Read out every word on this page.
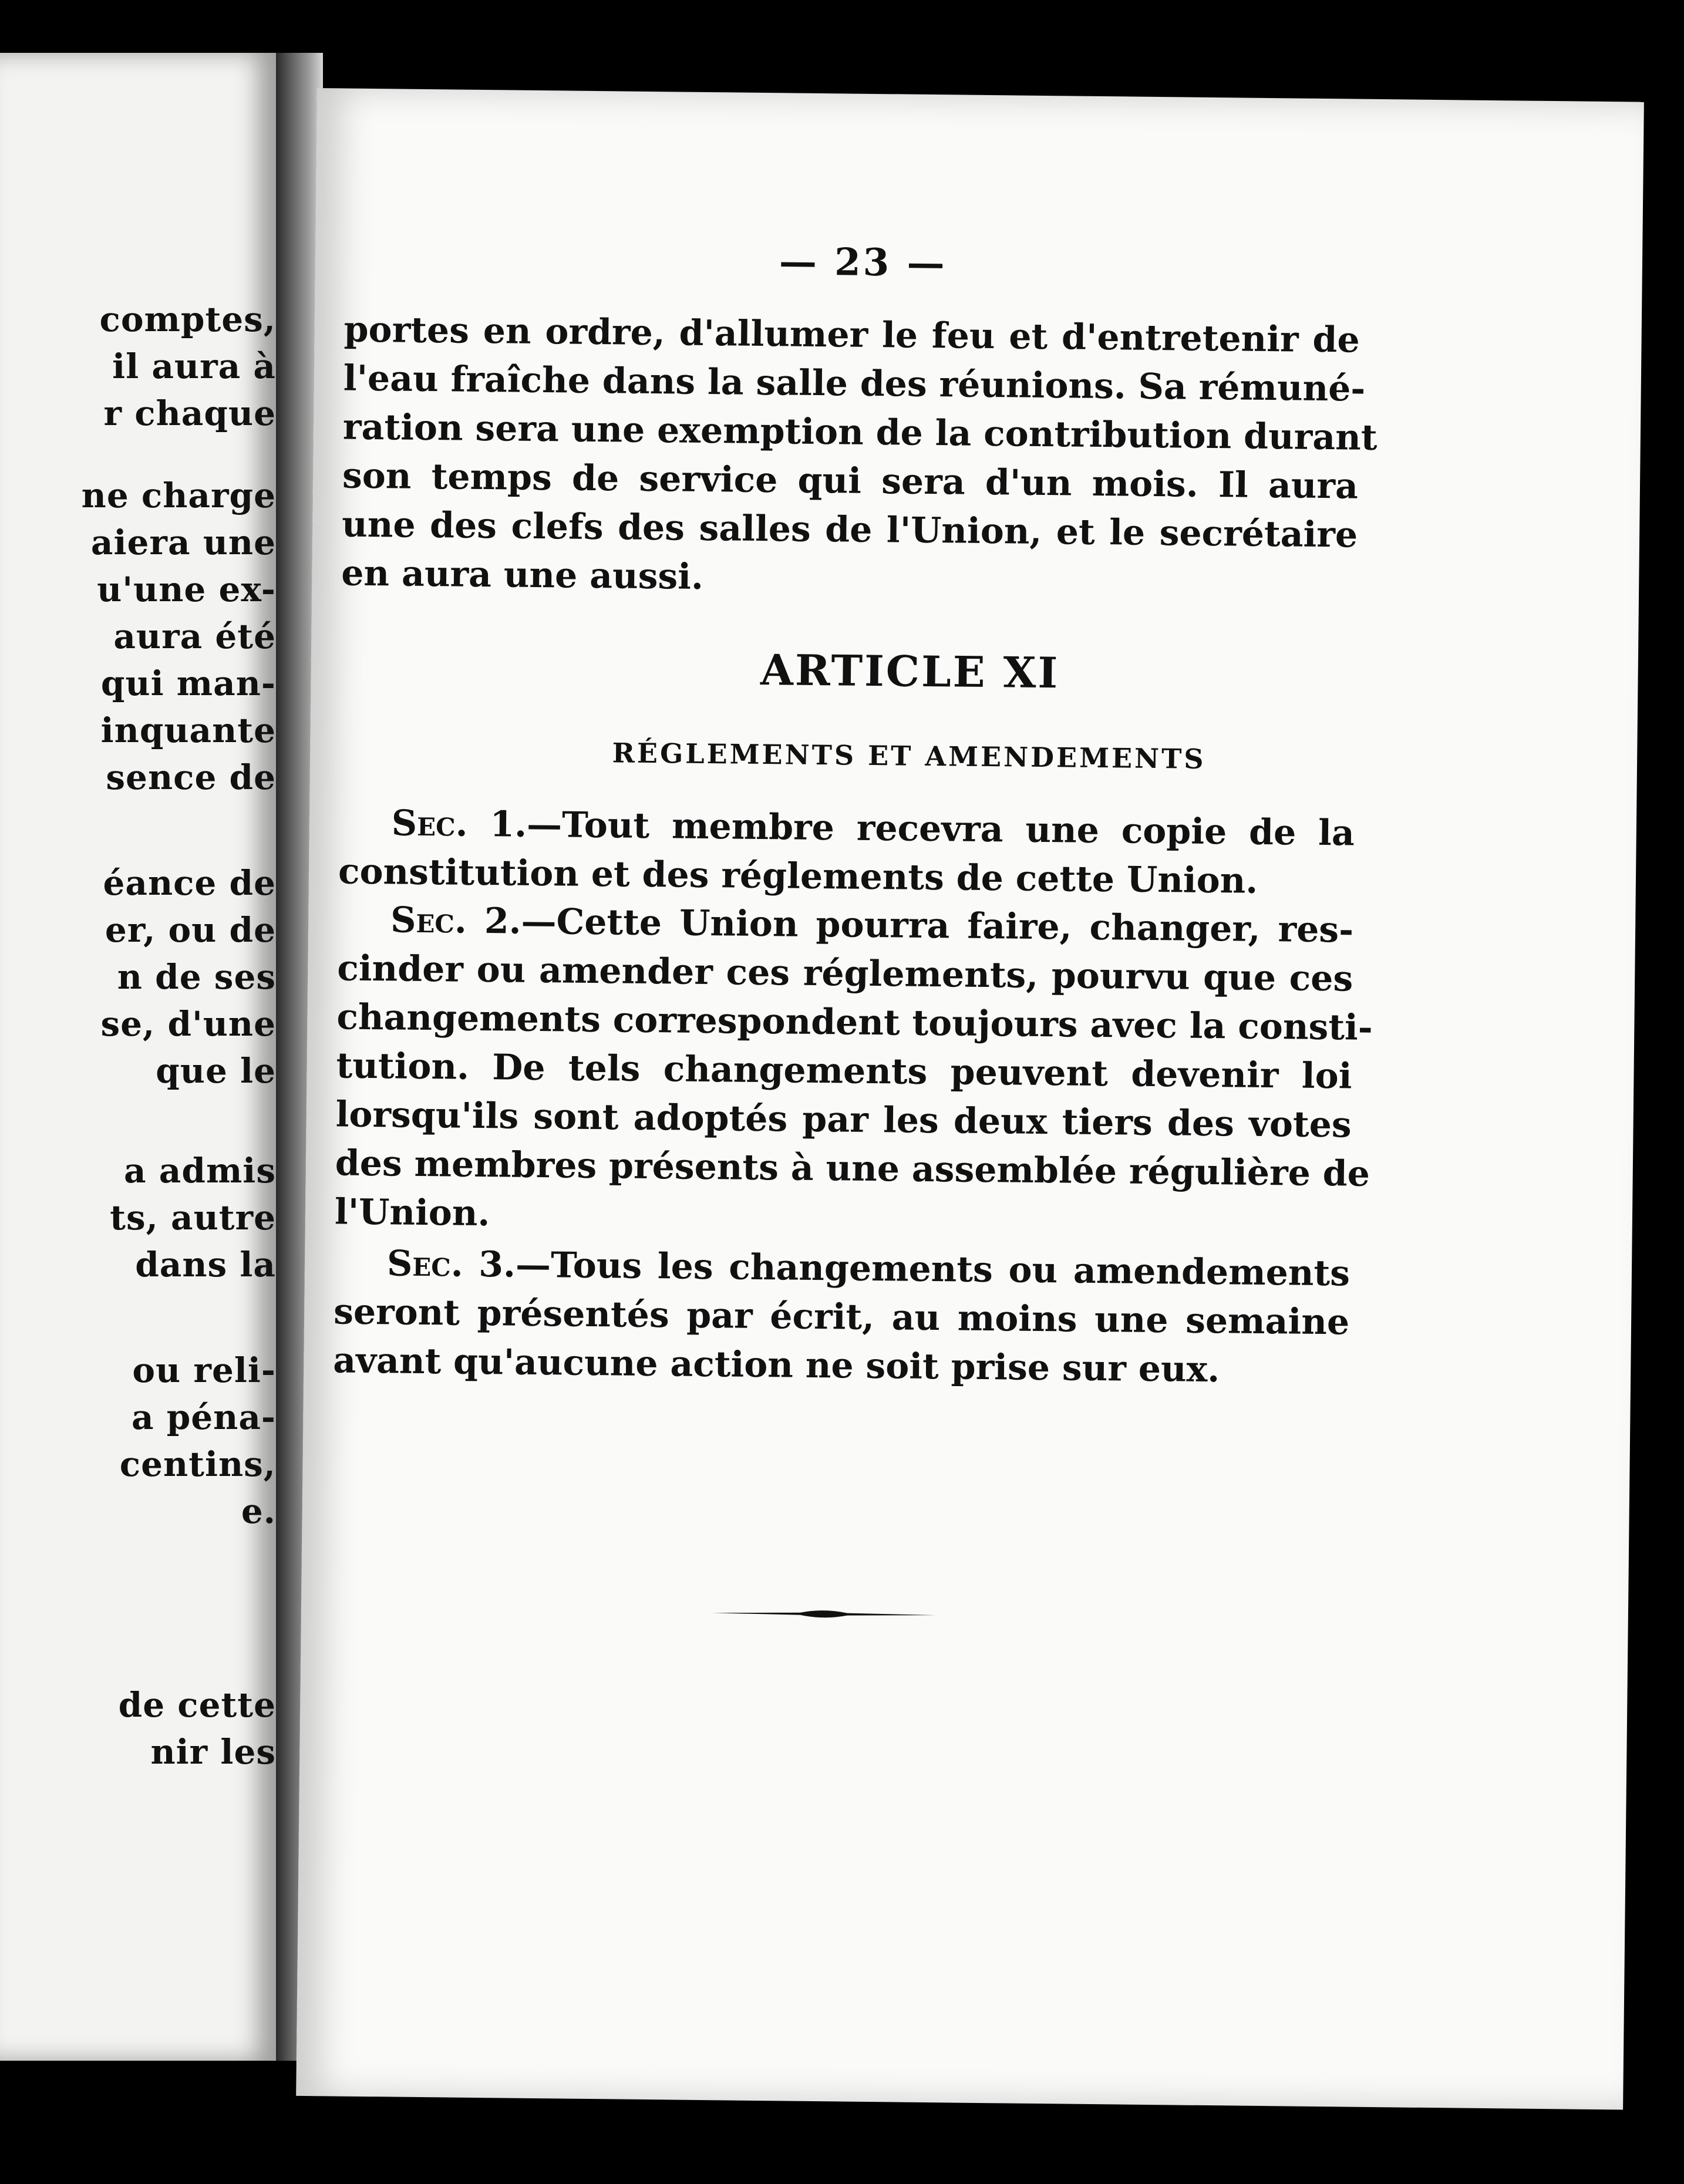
comptes,
il aura à
r chaque
ne charge
aiera une
u'une ex-
aura été
qui man-
inquante
sence de
éance de
er, ou de
n de ses
se, d'une
que le
a admis
ts, autre
dans la
ou reli-
a péna-
centins,
e.
de cette
nir les
— 23 —
portes en ordre, d'allumer le feu et d'entretenir de
l'eau fraîche dans la salle des réunions. Sa rémuné-
ration sera une exemption de la contribution durant
son temps de service qui sera d'un mois. Il aura
une des clefs des salles de l'Union, et le secrétaire
en aura une aussi.
ARTICLE XI
RÉGLEMENTS ET AMENDEMENTS
Sec. 1.—Tout membre recevra une copie de la
constitution et des réglements de cette Union.
Sec. 2.—Cette Union pourra faire, changer, res-
cinder ou amender ces réglements, pourvu que ces
changements correspondent toujours avec la consti-
tution. De tels changements peuvent devenir loi
lorsqu'ils sont adoptés par les deux tiers des votes
des membres présents à une assemblée régulière de
l'Union.
Sec. 3.—Tous les changements ou amendements
seront présentés par écrit, au moins une semaine
avant qu'aucune action ne soit prise sur eux.
